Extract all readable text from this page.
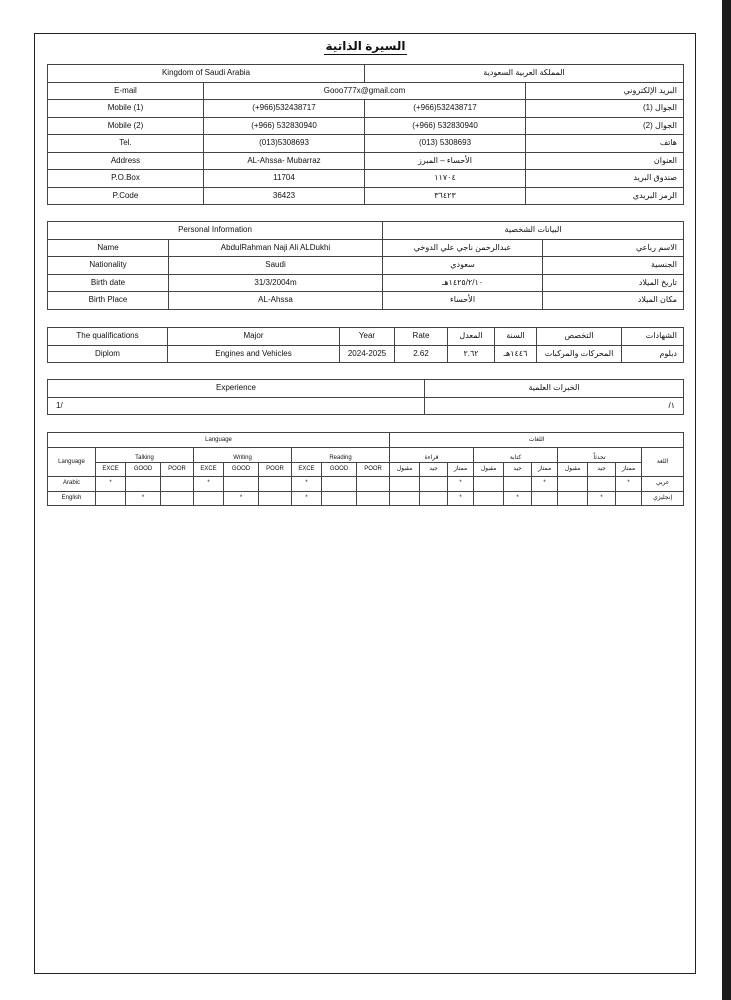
السيرة الذاتية
Kingdom of Saudi Arabia		المملكة العربية السعودية	
E-mail	Gooo777x@gmail.com		البريد الإلكتروني
Mobile (1)	(+966)532438717	(+966)532438717	الجوال (1)
Mobile (2)	(+966) 532830940	(+966) 532830940	الجوال (2)
Tel.	(013)5308693	(013) 5308693	هاتف
Address	AL-Ahssa- Mubarraz	الأحساء – المبرز	العنوان
P.O.Box	11704	١١٧٠٤	صندوق البريد
P.Code	36423	٣٦٤٢٣	الرمز البريدي
Personal Information		البيانات الشخصية	
Name	AbdulRahman Naji Ali ALDukhi	عبدالرحمن ناجي علي الدوخي	الاسم رباعي
Nationality	Saudi	سعودي	الجنسية
Birth date	31/3/2004m	١٤٢٥/٢/١٠هـ	تاريخ الميلاد
Birth Place	AL-Ahssa	الأحساء	مكان الميلاد
The qualifications	Major	Year	Rate	المعدل	السنة	التخصص	الشهادات
Diplom	Engines and Vehicles	2024-2025	2.62	٢.٦٢	١٤٤٦هـ	المحركات والمركبات	دبلوم
Experience	الخبرات العلمية
1/	/١
Language										اللغات									
Language	Talking			Writing			Reading			قراءة			كتابة			تحدثاً			اللغة
	EXCE	GOOD	POOR	EXCE	GOOD	POOR	EXCE	GOOD	POOR	مقبول	جيد	ممتاز	مقبول	جيد	ممتاز	مقبول	جيد	ممتاز	
Arabic	*			*			*					*			*			*	عربي
English		*			*		*					*		*			*		إنجليزي
